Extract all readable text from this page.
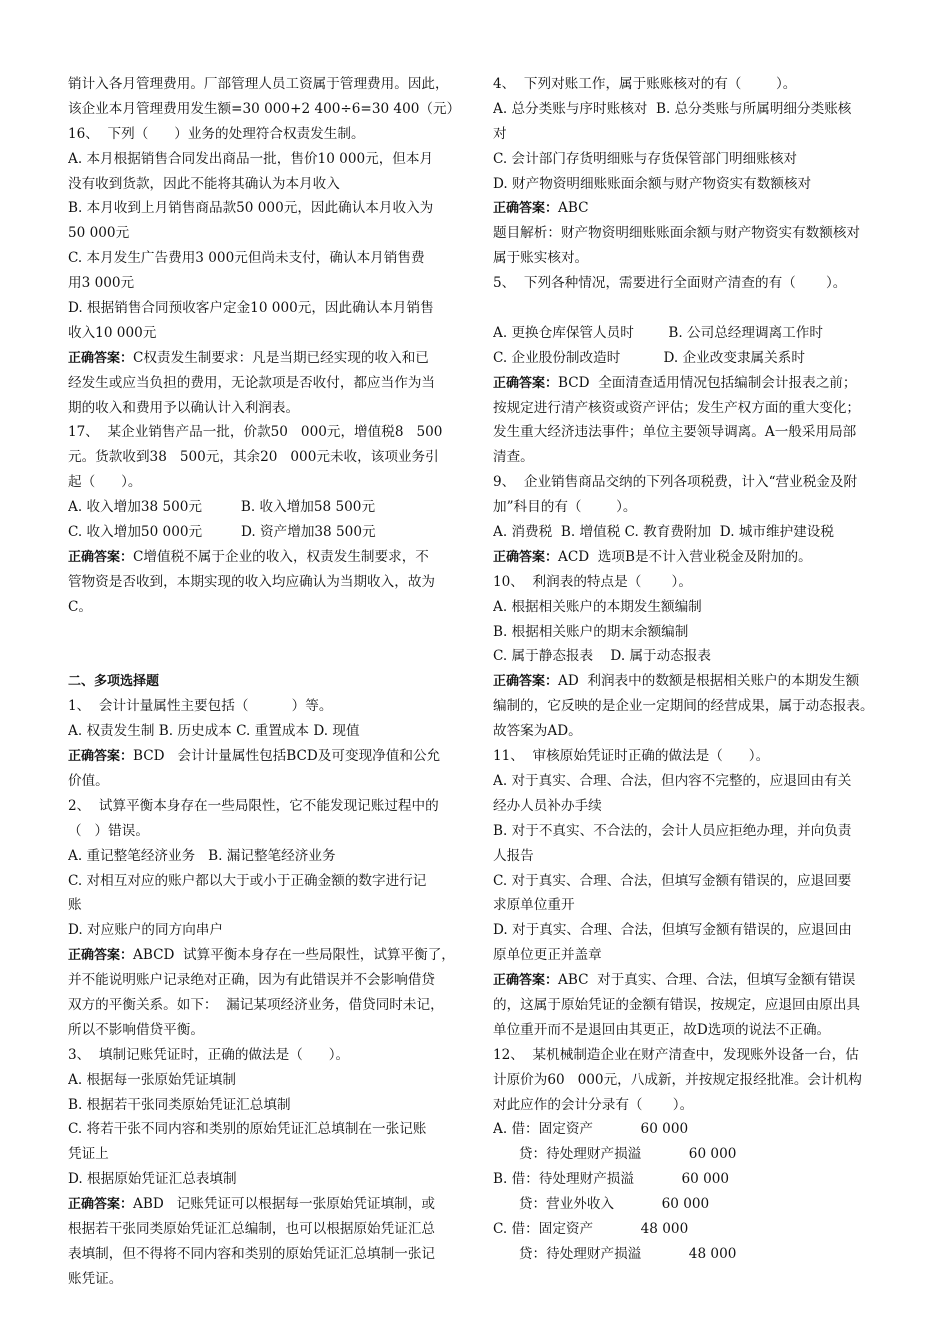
销计入各月管理费用。厂部管理人员工资属于管理费用。因此，
该企业本月管理费用发生额=30 000+2 400÷6=30 400（元）
16、  下列（      ）业务的处理符合权责发生制。
A. 本月根据销售合同发出商品一批，售价10 000元，但本月
没有收到货款，因此不能将其确认为本月收入
B. 本月收到上月销售商品款50 000元，因此确认本月收入为
50 000元
C. 本月发生广告费用3 000元但尚未支付，确认本月销售费
用3 000元
D. 根据销售合同预收客户定金10 000元，因此确认本月销售
收入10 000元
正确答案：C权责发生制要求：凡是当期已经实现的收入和已
经发生或应当负担的费用，无论款项是否收付，都应当作为当
期的收入和费用予以确认计入利润表。
17、  某企业销售产品一批，价款50   000元，增值税8   500
元。货款收到38   500元，其余20   000元未收，该项业务引
起（      ）。
A. 收入增加38 500元         B. 收入增加58 500元
C. 收入增加50 000元         D. 资产增加38 500元
正确答案：C增值税不属于企业的收入，权责发生制要求，不
管物资是否收到，本期实现的收入均应确认为当期收入，故为
C。
二、多项选择题
1、  会计计量属性主要包括（          ）等。
A. 权责发生制 B. 历史成本 C. 重置成本 D. 现值
正确答案：BCD   会计计量属性包括BCD及可变现净值和公允
价值。
2、  试算平衡本身存在一些局限性，它不能发现记账过程中的
（   ）错误。
A. 重记整笔经济业务   B. 漏记整笔经济业务
C. 对相互对应的账户都以大于或小于正确金额的数字进行记
账
D. 对应账户的同方向串户
正确答案：ABCD  试算平衡本身存在一些局限性，试算平衡了，
并不能说明账户记录绝对正确，因为有此错误并不会影响借贷
双方的平衡关系。如下：  漏记某项经济业务，借贷同时未记，
所以不影响借贷平衡。
3、  填制记账凭证时，正确的做法是（      ）。
A. 根据每一张原始凭证填制
B. 根据若干张同类原始凭证汇总填制
C. 将若干张不同内容和类别的原始凭证汇总填制在一张记账
凭证上
D. 根据原始凭证汇总表填制
正确答案：ABD   记账凭证可以根据每一张原始凭证填制，或
根据若干张同类原始凭证汇总编制，也可以根据原始凭证汇总
表填制，但不得将不同内容和类别的原始凭证汇总填制一张记
账凭证。
4、  下列对账工作，属于账账核对的有（        ）。
A. 总分类账与序时账核对  B. 总分类账与所属明细分类账核
对
C. 会计部门存货明细账与存货保管部门明细账核对
D. 财产物资明细账账面余额与财产物资实有数额核对
正确答案：ABC
题目解析：财产物资明细账账面余额与财产物资实有数额核对
属于账实核对。
5、  下列各种情况，需要进行全面财产清查的有（       ）。
A. 更换仓库保管人员时        B. 公司总经理调离工作时
C. 企业股份制改造时          D. 企业改变隶属关系时
正确答案：BCD  全面清查适用情况包括编制会计报表之前；
按规定进行清产核资或资产评估；发生产权方面的重大变化；
发生重大经济违法事件；单位主要领导调离。A一般采用局部
清查。
9、  企业销售商品交纳的下列各项税费，计入“营业税金及附
加”科目的有（        ）。
A. 消费税  B. 增值税 C. 教育费附加  D. 城市维护建设税
正确答案：ACD  选项B是不计入营业税金及附加的。
10、  利润表的特点是（       ）。
A. 根据相关账户的本期发生额编制
B. 根据相关账户的期末余额编制
C. 属于静态报表    D. 属于动态报表
正确答案：AD  利润表中的数额是根据相关账户的本期发生额
编制的，它反映的是企业一定期间的经营成果，属于动态报表。
故答案为AD。
11、  审核原始凭证时正确的做法是（      ）。
A. 对于真实、合理、合法，但内容不完整的，应退回由有关
经办人员补办手续
B. 对于不真实、不合法的，会计人员应拒绝办理，并向负责
人报告
C. 对于真实、合理、合法，但填写金额有错误的，应退回要
求原单位重开
D. 对于真实、合理、合法，但填写金额有错误的，应退回由
原单位更正并盖章
正确答案：ABC  对于真实、合理、合法，但填写金额有错误
的，这属于原始凭证的金额有错误，按规定，应退回由原出具
单位重开而不是退回由其更正，故D选项的说法不正确。
12、  某机械制造企业在财产清查中，发现账外设备一台，估
计原价为60   000元，八成新，并按规定报经批准。会计机构
对此应作的会计分录有（       ）。
A. 借：固定资产           60 000
贷：待处理财产损溢           60 000
B. 借：待处理财产损溢           60 000
贷：营业外收入           60 000
C. 借：固定资产           48 000
贷：待处理财产损溢           48 000
